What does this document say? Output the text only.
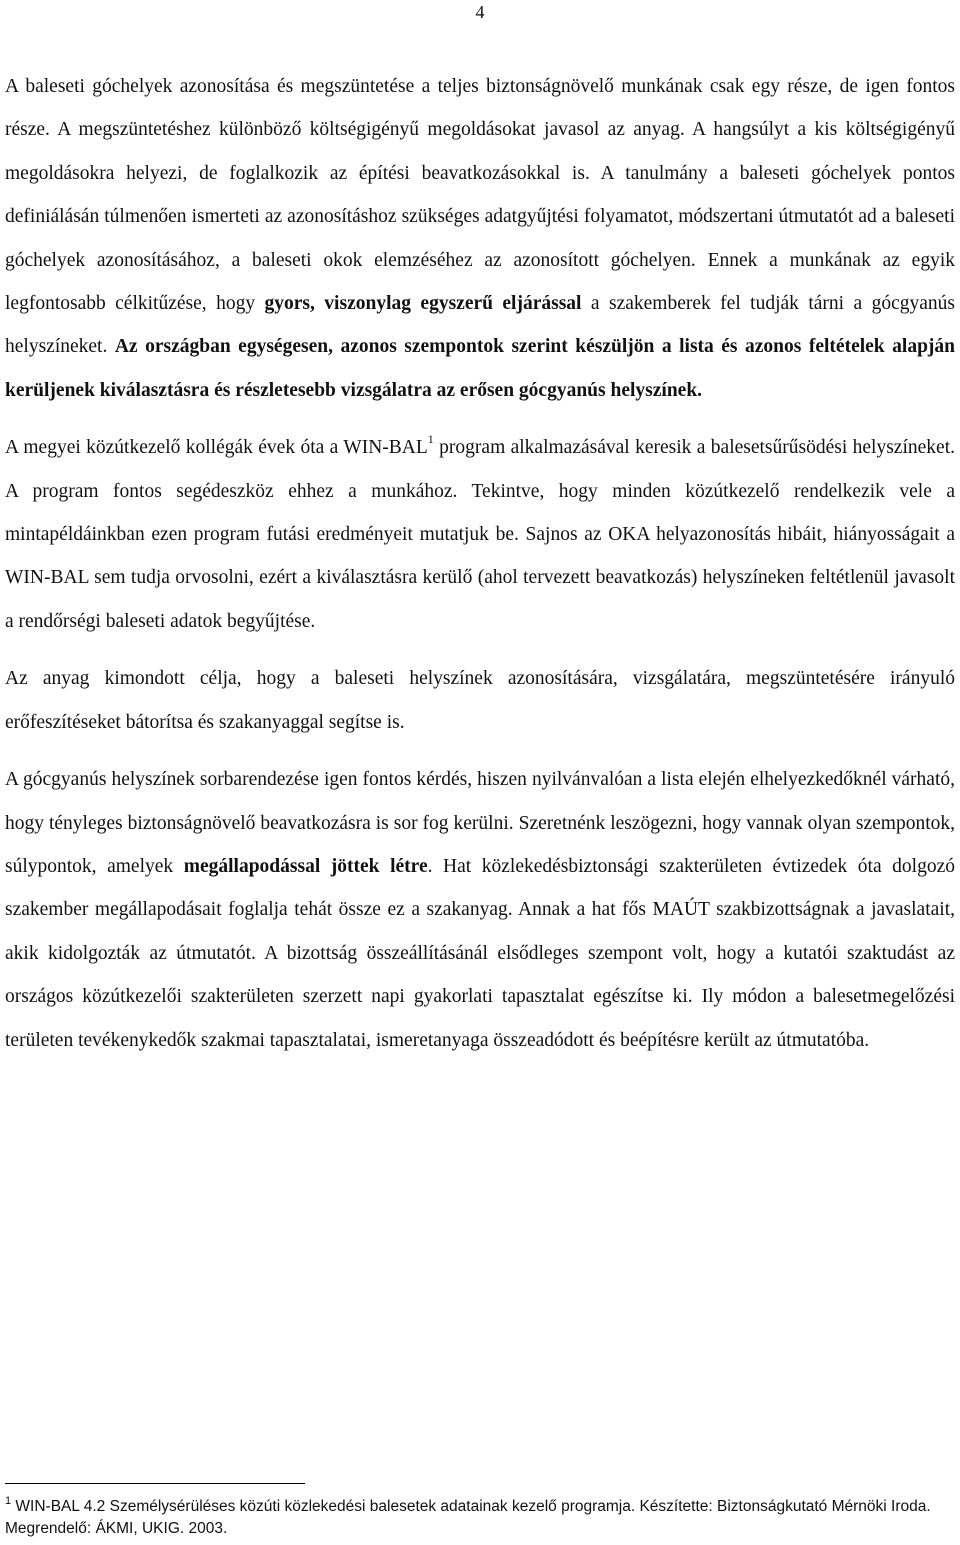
4

A baleseti góchelyek azonosítása és megszüntetése a teljes biztonságnövelő munkának csak egy része, de igen fontos része. A megszüntetéshez különböző költségigényű megoldásokat javasol az anyag. A hangsúlyt a kis költségigényű megoldásokra helyezi, de foglalkozik az építési beavatkozásokkal is. A tanulmány a baleseti góchelyek pontos definiálásán túlmenően ismerteti az azonosításhoz szükséges adatgyűjtési folyamatot, módszertani útmutatót ad a baleseti góchelyek azonosításához, a baleseti okok elemzéséhez az azonosított góchelyen. Ennek a munkának az egyik legfontosabb célkitűzése, hogy gyors, viszonylag egyszerű eljárással a szakemberek fel tudják tárni a gócgyanús helyszíneket. Az országban egységesen, azonos szempontok szerint készüljön a lista és azonos feltételek alapján kerüljenek kiválasztásra és részletesebb vizsgálatra az erősen gócgyanús helyszínek.

A megyei közútkezelő kollégák évek óta a WIN-BAL$^1$ program alkalmazásával keresik a balesetsűrűsödési helyszíneket. A program fontos segédeszköz ehhez a munkához. Tekintve, hogy minden közútkezelő rendelkezik vele a mintapéldáinkban ezen program futási eredményeit mutatjuk be. Sajnos az OKA helyazonosítás hibáit, hiányosságait a WIN-BAL sem tudja orvosolni, ezért a kiválasztásra kerülő (ahol tervezett beavatkozás) helyszíneken feltétlenül javasolt a rendőrségi baleseti adatok begyűjtése.

Az anyag kimondott célja, hogy a baleseti helyszínek azonosítására, vizsgálatára, megszüntetésére irányuló erőfeszítéseket bátorítsa és szakanyaggal segítse is.

A gócgyanús helyszínek sorbarendezése igen fontos kérdés, hiszen nyilvánvalóan a lista elején elhelyezkedőknél várható, hogy tényleges biztonságnövelő beavatkozásra is sor fog kerülni. Szeretnénk leszögezni, hogy vannak olyan szempontok, súlypontok, amelyek megállapodással jöttek létre. Hat közlekedésbiztonsági szakterületen évtizedek óta dolgozó szakember megállapodásait foglalja tehát össze ez a szakanyag. Annak a hat fős MAÚT szakbizottságnak a javaslatait, akik kidolgozták az útmutatót. A bizottság összeállításánál elsődleges szempont volt, hogy a kutatói szaktudást az országos közútkezelői szakterületen szerzett napi gyakorlati tapasztalat egészítse ki. Ily módon a balesetmegelőzési területen tevékenykedők szakmai tapasztalatai, ismeretanyaga összeadódott és beépítésre került az útmutatóba.

$^1$ WIN-BAL 4.2 Személysérüléses közúti közlekedési balesetek adatainak kezelő programja. Készítette: Biztonságkutató Mérnöki Iroda. Megrendelő: ÁKMI, UKIG. 2003.
